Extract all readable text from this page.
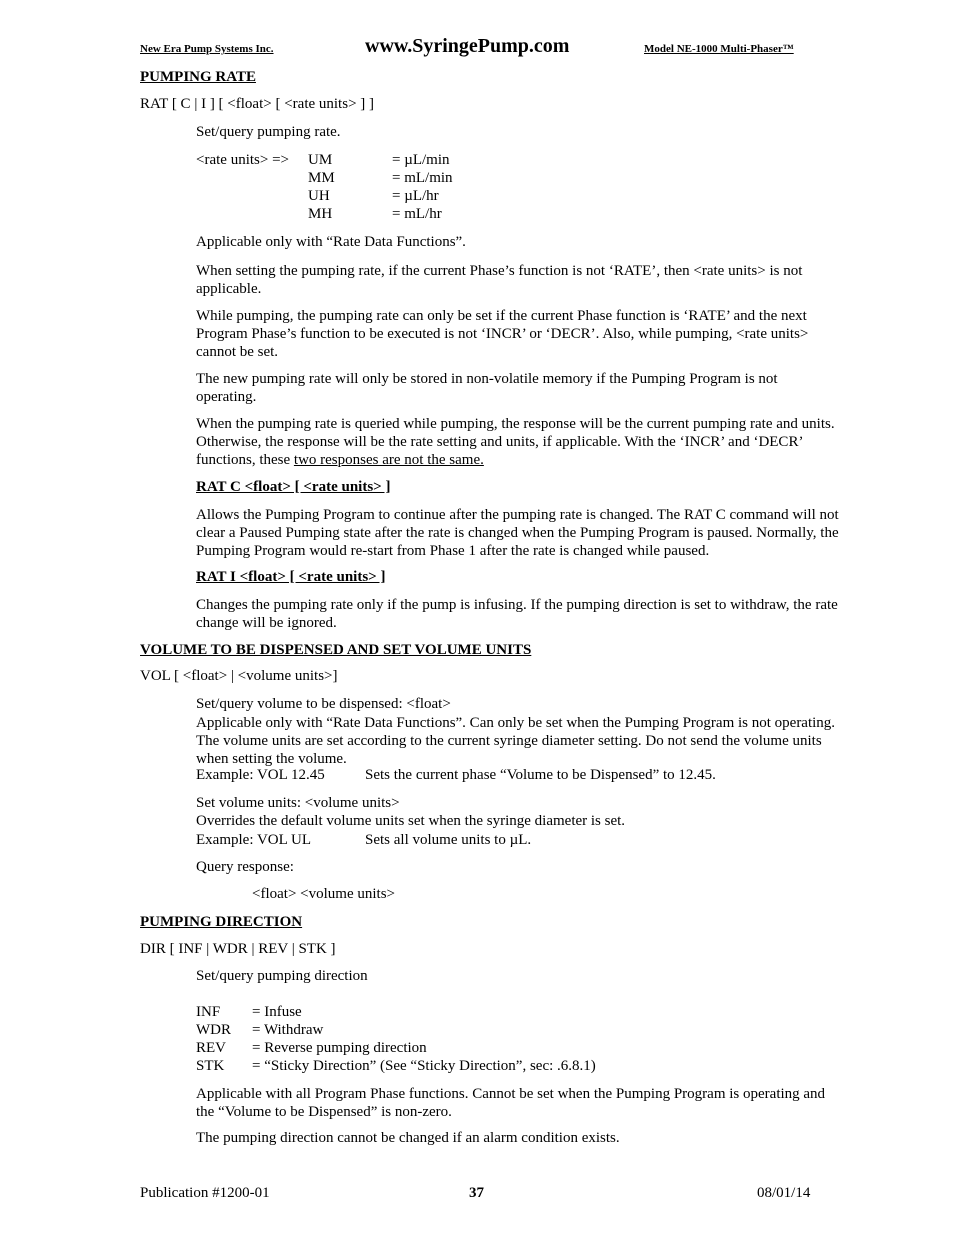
New Era Pump Systems Inc.	www.SyringePump.com	Model NE-1000 Multi-Phaser™
PUMPING RATE
RAT [ C | I ] [ <float> [ <rate units> ] ]
Set/query pumping rate.
<rate units> => UM	= µL/min
MM	= mL/min
UH	= µL/hr
MH	= mL/hr
Applicable only with “Rate Data Functions”.
When setting the pumping rate, if the current Phase’s function is not ‘RATE’, then <rate units> is not applicable.
While pumping, the pumping rate can only be set if the current Phase function is ‘RATE’ and the next Program Phase’s function to be executed is not ‘INCR’ or ‘DECR’. Also, while pumping, <rate units> cannot be set.
The new pumping rate will only be stored in non-volatile memory if the Pumping Program is not operating.
When the pumping rate is queried while pumping, the response will be the current pumping rate and units. Otherwise, the response will be the rate setting and units, if applicable. With the ‘INCR’ and ‘DECR’ functions, these two responses are not the same.
RAT C <float> [ <rate units> ]
Allows the Pumping Program to continue after the pumping rate is changed. The RAT C command will not clear a Paused Pumping state after the rate is changed when the Pumping Program is paused. Normally, the Pumping Program would re-start from Phase 1 after the rate is changed while paused.
RAT I <float> [ <rate units> ]
Changes the pumping rate only if the pump is infusing. If the pumping direction is set to withdraw, the rate change will be ignored.
VOLUME TO BE DISPENSED AND SET VOLUME UNITS
VOL [ <float> | <volume units>]
Set/query volume to be dispensed: <float>
Applicable only with “Rate Data Functions”. Can only be set when the Pumping Program is not operating. The volume units are set according to the current syringe diameter setting. Do not send the volume units when setting the volume.
Example: VOL 12.45	Sets the current phase “Volume to be Dispensed” to 12.45.
Set volume units: <volume units>
Overrides the default volume units set when the syringe diameter is set.
Example: VOL UL	Sets all volume units to µL.
Query response:
<float> <volume units>
PUMPING DIRECTION
DIR [ INF | WDR | REV | STK ]
Set/query pumping direction
INF = Infuse
WDR = Withdraw
REV = Reverse pumping direction
STK = “Sticky Direction” (See “Sticky Direction”, sec: .6.8.1)
Applicable with all Program Phase functions. Cannot be set when the Pumping Program is operating and the “Volume to be Dispensed” is non-zero.
The pumping direction cannot be changed if an alarm condition exists.
Publication #1200-01	37	08/01/14
